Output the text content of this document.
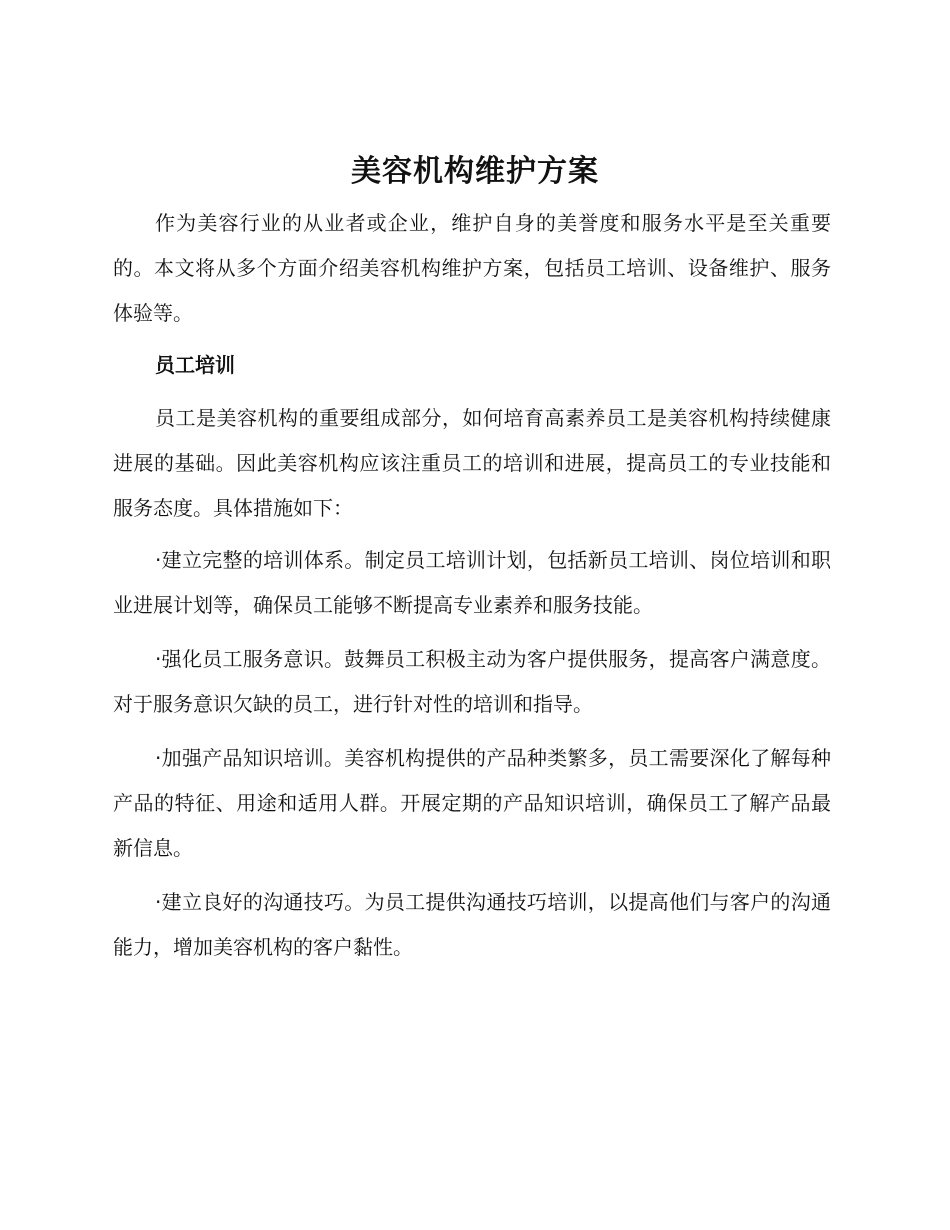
美容机构维护方案

作为美容行业的从业者或企业，维护自身的美誉度和服务水平是至关重要的。本文将从多个方面介绍美容机构维护方案，包括员工培训、设备维护、服务体验等。

员工培训

员工是美容机构的重要组成部分，如何培育高素养员工是美容机构持续健康进展的基础。因此美容机构应该注重员工的培训和进展，提高员工的专业技能和服务态度。具体措施如下：

·建立完整的培训体系。制定员工培训计划，包括新员工培训、岗位培训和职业进展计划等，确保员工能够不断提高专业素养和服务技能。

·强化员工服务意识。鼓舞员工积极主动为客户提供服务，提高客户满意度。对于服务意识欠缺的员工，进行针对性的培训和指导。

·加强产品知识培训。美容机构提供的产品种类繁多，员工需要深化了解每种产品的特征、用途和适用人群。开展定期的产品知识培训，确保员工了解产品最新信息。

·建立良好的沟通技巧。为员工提供沟通技巧培训，以提高他们与客户的沟通能力，增加美容机构的客户黏性。
